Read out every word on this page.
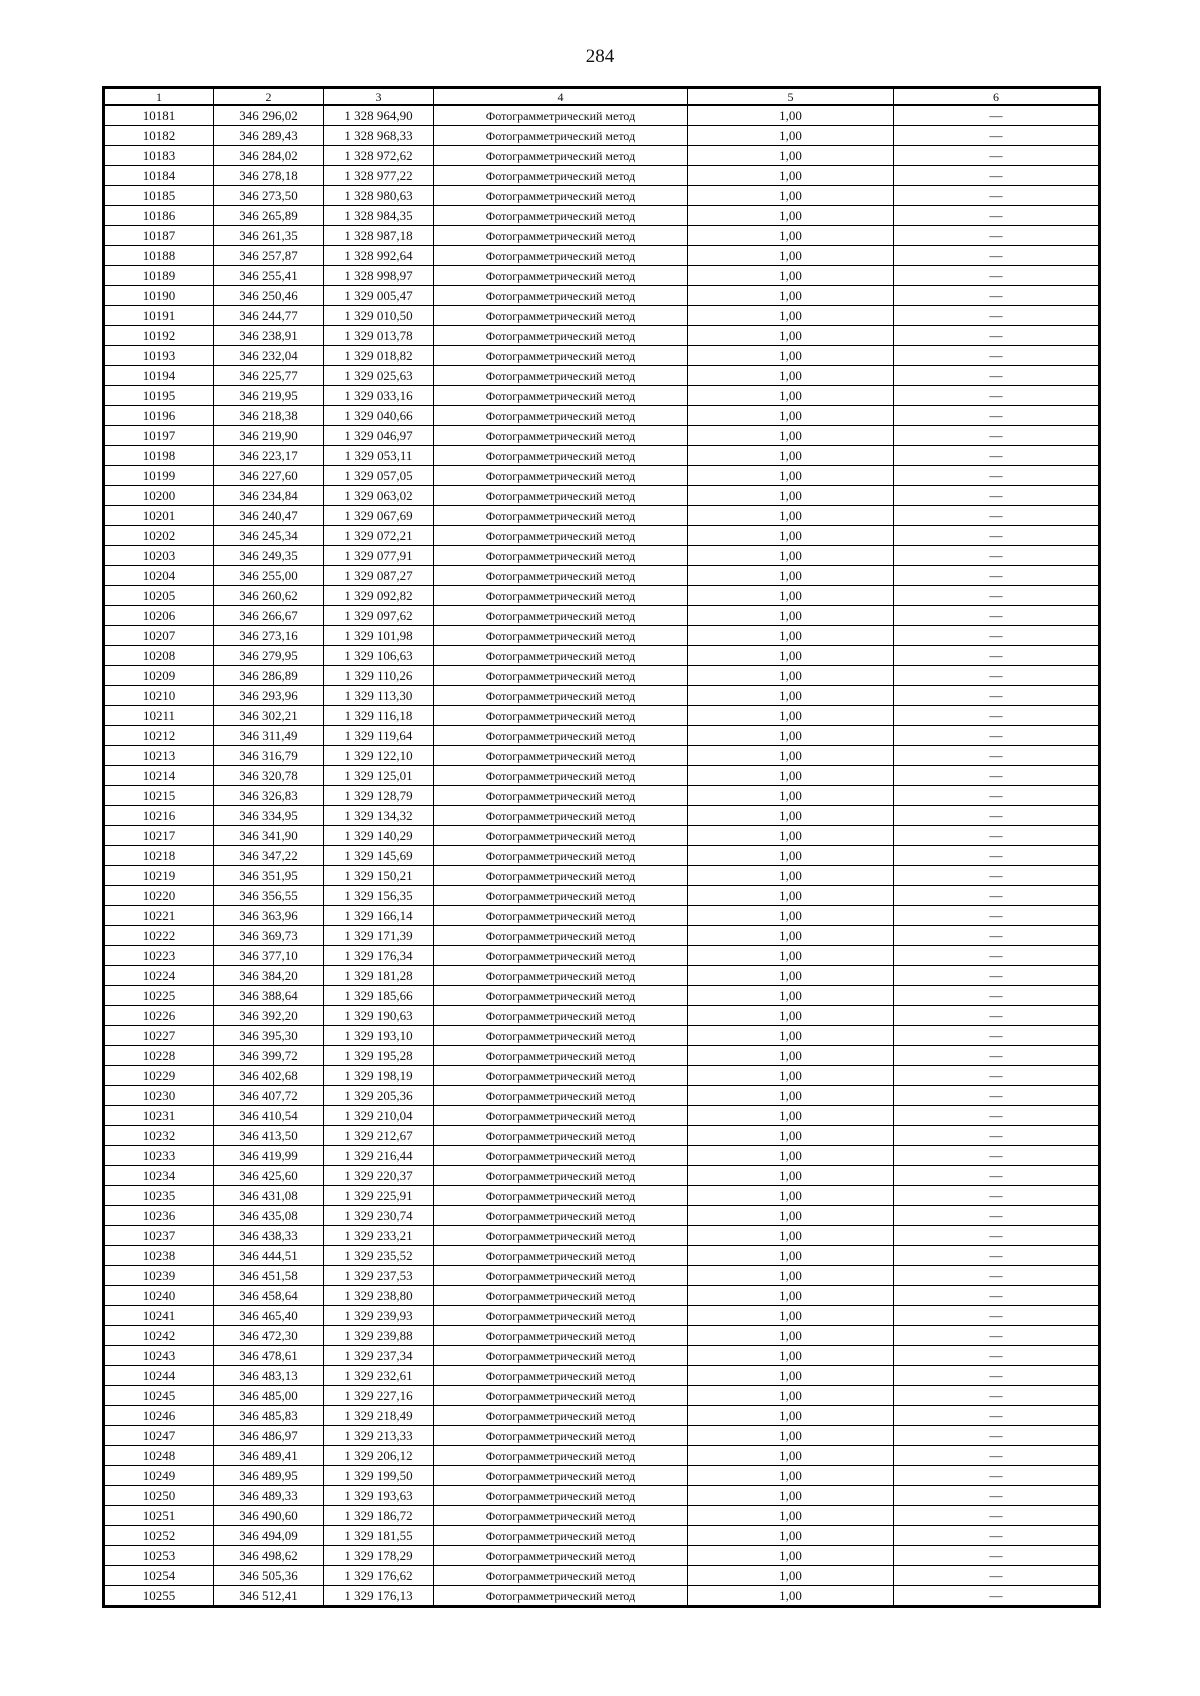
284
1	2	3	4	5	6
10181	346 296,02	1 328 964,90	Фотограмметрический метод	1,00	—
10182	346 289,43	1 328 968,33	Фотограмметрический метод	1,00	—
10183	346 284,02	1 328 972,62	Фотограмметрический метод	1,00	—
10184	346 278,18	1 328 977,22	Фотограмметрический метод	1,00	—
10185	346 273,50	1 328 980,63	Фотограмметрический метод	1,00	—
10186	346 265,89	1 328 984,35	Фотограмметрический метод	1,00	—
10187	346 261,35	1 328 987,18	Фотограмметрический метод	1,00	—
10188	346 257,87	1 328 992,64	Фотограмметрический метод	1,00	—
10189	346 255,41	1 328 998,97	Фотограмметрический метод	1,00	—
10190	346 250,46	1 329 005,47	Фотограмметрический метод	1,00	—
10191	346 244,77	1 329 010,50	Фотограмметрический метод	1,00	—
10192	346 238,91	1 329 013,78	Фотограмметрический метод	1,00	—
10193	346 232,04	1 329 018,82	Фотограмметрический метод	1,00	—
10194	346 225,77	1 329 025,63	Фотограмметрический метод	1,00	—
10195	346 219,95	1 329 033,16	Фотограмметрический метод	1,00	—
10196	346 218,38	1 329 040,66	Фотограмметрический метод	1,00	—
10197	346 219,90	1 329 046,97	Фотограмметрический метод	1,00	—
10198	346 223,17	1 329 053,11	Фотограмметрический метод	1,00	—
10199	346 227,60	1 329 057,05	Фотограмметрический метод	1,00	—
10200	346 234,84	1 329 063,02	Фотограмметрический метод	1,00	—
10201	346 240,47	1 329 067,69	Фотограмметрический метод	1,00	—
10202	346 245,34	1 329 072,21	Фотограмметрический метод	1,00	—
10203	346 249,35	1 329 077,91	Фотограмметрический метод	1,00	—
10204	346 255,00	1 329 087,27	Фотограмметрический метод	1,00	—
10205	346 260,62	1 329 092,82	Фотограмметрический метод	1,00	—
10206	346 266,67	1 329 097,62	Фотограмметрический метод	1,00	—
10207	346 273,16	1 329 101,98	Фотограмметрический метод	1,00	—
10208	346 279,95	1 329 106,63	Фотограмметрический метод	1,00	—
10209	346 286,89	1 329 110,26	Фотограмметрический метод	1,00	—
10210	346 293,96	1 329 113,30	Фотограмметрический метод	1,00	—
10211	346 302,21	1 329 116,18	Фотограмметрический метод	1,00	—
10212	346 311,49	1 329 119,64	Фотограмметрический метод	1,00	—
10213	346 316,79	1 329 122,10	Фотограмметрический метод	1,00	—
10214	346 320,78	1 329 125,01	Фотограмметрический метод	1,00	—
10215	346 326,83	1 329 128,79	Фотограмметрический метод	1,00	—
10216	346 334,95	1 329 134,32	Фотограмметрический метод	1,00	—
10217	346 341,90	1 329 140,29	Фотограмметрический метод	1,00	—
10218	346 347,22	1 329 145,69	Фотограмметрический метод	1,00	—
10219	346 351,95	1 329 150,21	Фотограмметрический метод	1,00	—
10220	346 356,55	1 329 156,35	Фотограмметрический метод	1,00	—
10221	346 363,96	1 329 166,14	Фотограмметрический метод	1,00	—
10222	346 369,73	1 329 171,39	Фотограмметрический метод	1,00	—
10223	346 377,10	1 329 176,34	Фотограмметрический метод	1,00	—
10224	346 384,20	1 329 181,28	Фотограмметрический метод	1,00	—
10225	346 388,64	1 329 185,66	Фотограмметрический метод	1,00	—
10226	346 392,20	1 329 190,63	Фотограмметрический метод	1,00	—
10227	346 395,30	1 329 193,10	Фотограмметрический метод	1,00	—
10228	346 399,72	1 329 195,28	Фотограмметрический метод	1,00	—
10229	346 402,68	1 329 198,19	Фотограмметрический метод	1,00	—
10230	346 407,72	1 329 205,36	Фотограмметрический метод	1,00	—
10231	346 410,54	1 329 210,04	Фотограмметрический метод	1,00	—
10232	346 413,50	1 329 212,67	Фотограмметрический метод	1,00	—
10233	346 419,99	1 329 216,44	Фотограмметрический метод	1,00	—
10234	346 425,60	1 329 220,37	Фотограмметрический метод	1,00	—
10235	346 431,08	1 329 225,91	Фотограмметрический метод	1,00	—
10236	346 435,08	1 329 230,74	Фотограмметрический метод	1,00	—
10237	346 438,33	1 329 233,21	Фотограмметрический метод	1,00	—
10238	346 444,51	1 329 235,52	Фотограмметрический метод	1,00	—
10239	346 451,58	1 329 237,53	Фотограмметрический метод	1,00	—
10240	346 458,64	1 329 238,80	Фотограмметрический метод	1,00	—
10241	346 465,40	1 329 239,93	Фотограмметрический метод	1,00	—
10242	346 472,30	1 329 239,88	Фотограмметрический метод	1,00	—
10243	346 478,61	1 329 237,34	Фотограмметрический метод	1,00	—
10244	346 483,13	1 329 232,61	Фотограмметрический метод	1,00	—
10245	346 485,00	1 329 227,16	Фотограмметрический метод	1,00	—
10246	346 485,83	1 329 218,49	Фотограмметрический метод	1,00	—
10247	346 486,97	1 329 213,33	Фотограмметрический метод	1,00	—
10248	346 489,41	1 329 206,12	Фотограмметрический метод	1,00	—
10249	346 489,95	1 329 199,50	Фотограмметрический метод	1,00	—
10250	346 489,33	1 329 193,63	Фотограмметрический метод	1,00	—
10251	346 490,60	1 329 186,72	Фотограмметрический метод	1,00	—
10252	346 494,09	1 329 181,55	Фотограмметрический метод	1,00	—
10253	346 498,62	1 329 178,29	Фотограмметрический метод	1,00	—
10254	346 505,36	1 329 176,62	Фотограмметрический метод	1,00	—
10255	346 512,41	1 329 176,13	Фотограмметрический метод	1,00	—
